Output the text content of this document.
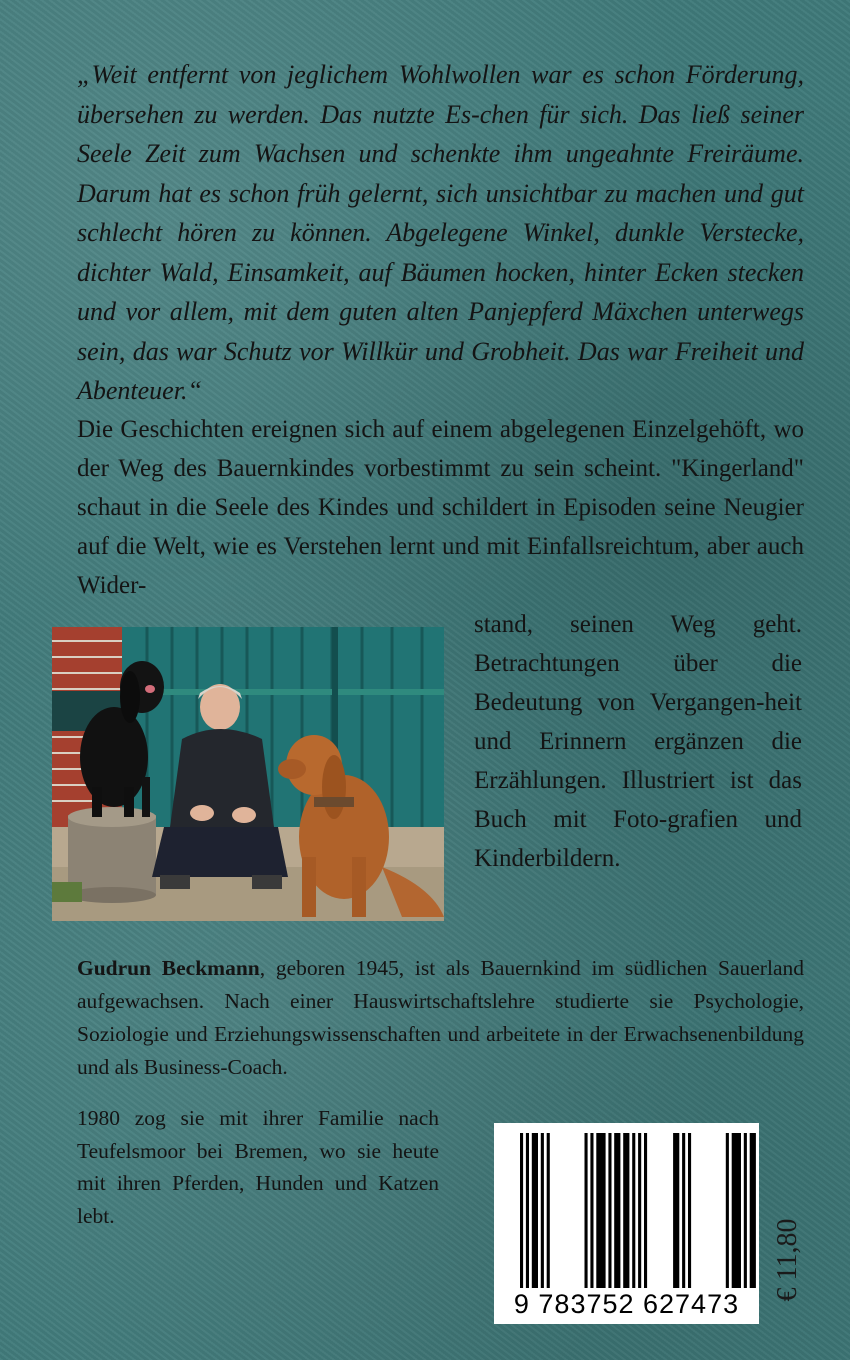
„Weit entfernt von jeglichem Wohlwollen war es schon Förderung, übersehen zu werden. Das nutzte Es-chen für sich. Das ließ seiner Seele Zeit zum Wachsen und schenkte ihm ungeahnte Freiräume. Darum hat es schon früh gelernt, sich unsichtbar zu machen und gut schlecht hören zu können. Abgelegene Winkel, dunkle Verstecke, dichter Wald, Einsamkeit, auf Bäumen hocken, hinter Ecken stecken und vor allem, mit dem guten alten Panjepferd Mäxchen unterwegs sein, das war Schutz vor Willkür und Grobheit. Das war Freiheit und Abenteuer.“
Die Geschichten ereignen sich auf einem abgelegenen Einzelgehöft, wo der Weg des Bauernkindes vorbestimmt zu sein scheint. "Kingerland" schaut in die Seele des Kindes und schildert in Episoden seine Neugier auf die Welt, wie es Verstehen lernt und mit Einfallsreichtum, aber auch Wider-
stand, seinen Weg geht. Betrachtungen über die Bedeutung von Vergangen-heit und Erinnern ergänzen die Erzählungen. Illustriert ist das Buch mit Foto-grafien und Kinderbildern.
Gudrun Beckmann, geboren 1945, ist als Bauernkind im südlichen Sauerland aufgewachsen. Nach einer Hauswirtschaftslehre studierte sie Psychologie, Soziologie und Erziehungswissenschaften und arbeitete in der Erwachsenenbildung und als Business-Coach.
1980 zog sie mit ihrer Familie nach Teufelsmoor bei Bremen, wo sie heute mit ihren Pferden, Hunden und Katzen lebt.
9 783752 627473
€ 11,80
